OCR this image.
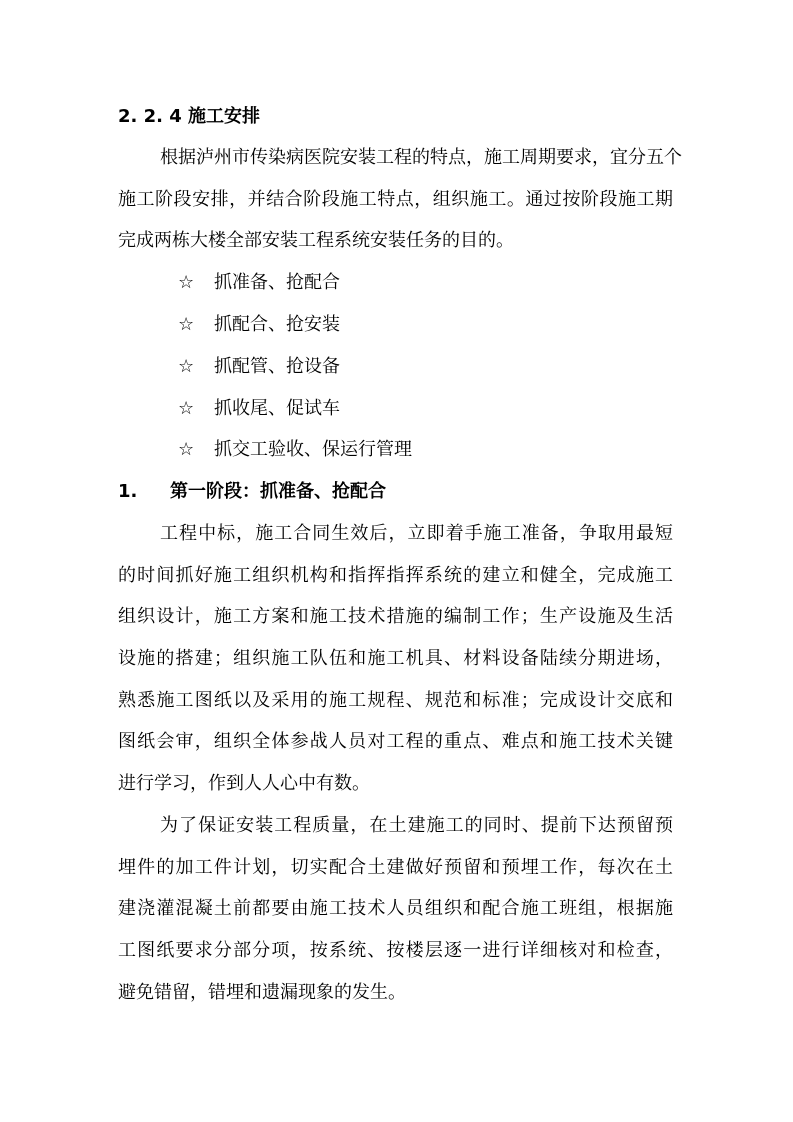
2. 2. 4 施工安排
根据泸州市传染病医院安装工程的特点，施工周期要求，宜分五个
施工阶段安排，并结合阶段施工特点，组织施工。通过按阶段施工期
完成两栋大楼全部安装工程系统安装任务的目的。
☆ 抓准备、抢配合
☆ 抓配合、抢安装
☆ 抓配管、抢设备
☆ 抓收尾、促试车
☆ 抓交工验收、保运行管理
1. 第一阶段：抓准备、抢配合
工程中标，施工合同生效后，立即着手施工准备，争取用最短
的时间抓好施工组织机构和指挥指挥系统的建立和健全，完成施工
组织设计，施工方案和施工技术措施的编制工作；生产设施及生活
设施的搭建；组织施工队伍和施工机具、材料设备陆续分期进场，
熟悉施工图纸以及采用的施工规程、规范和标准；完成设计交底和
图纸会审，组织全体参战人员对工程的重点、难点和施工技术关键
进行学习，作到人人心中有数。
为了保证安装工程质量，在土建施工的同时、提前下达预留预
埋件的加工件计划，切实配合土建做好预留和预埋工作，每次在土
建浇灌混凝土前都要由施工技术人员组织和配合施工班组，根据施
工图纸要求分部分项，按系统、按楼层逐一进行详细核对和检查，
避免错留，错埋和遗漏现象的发生。
